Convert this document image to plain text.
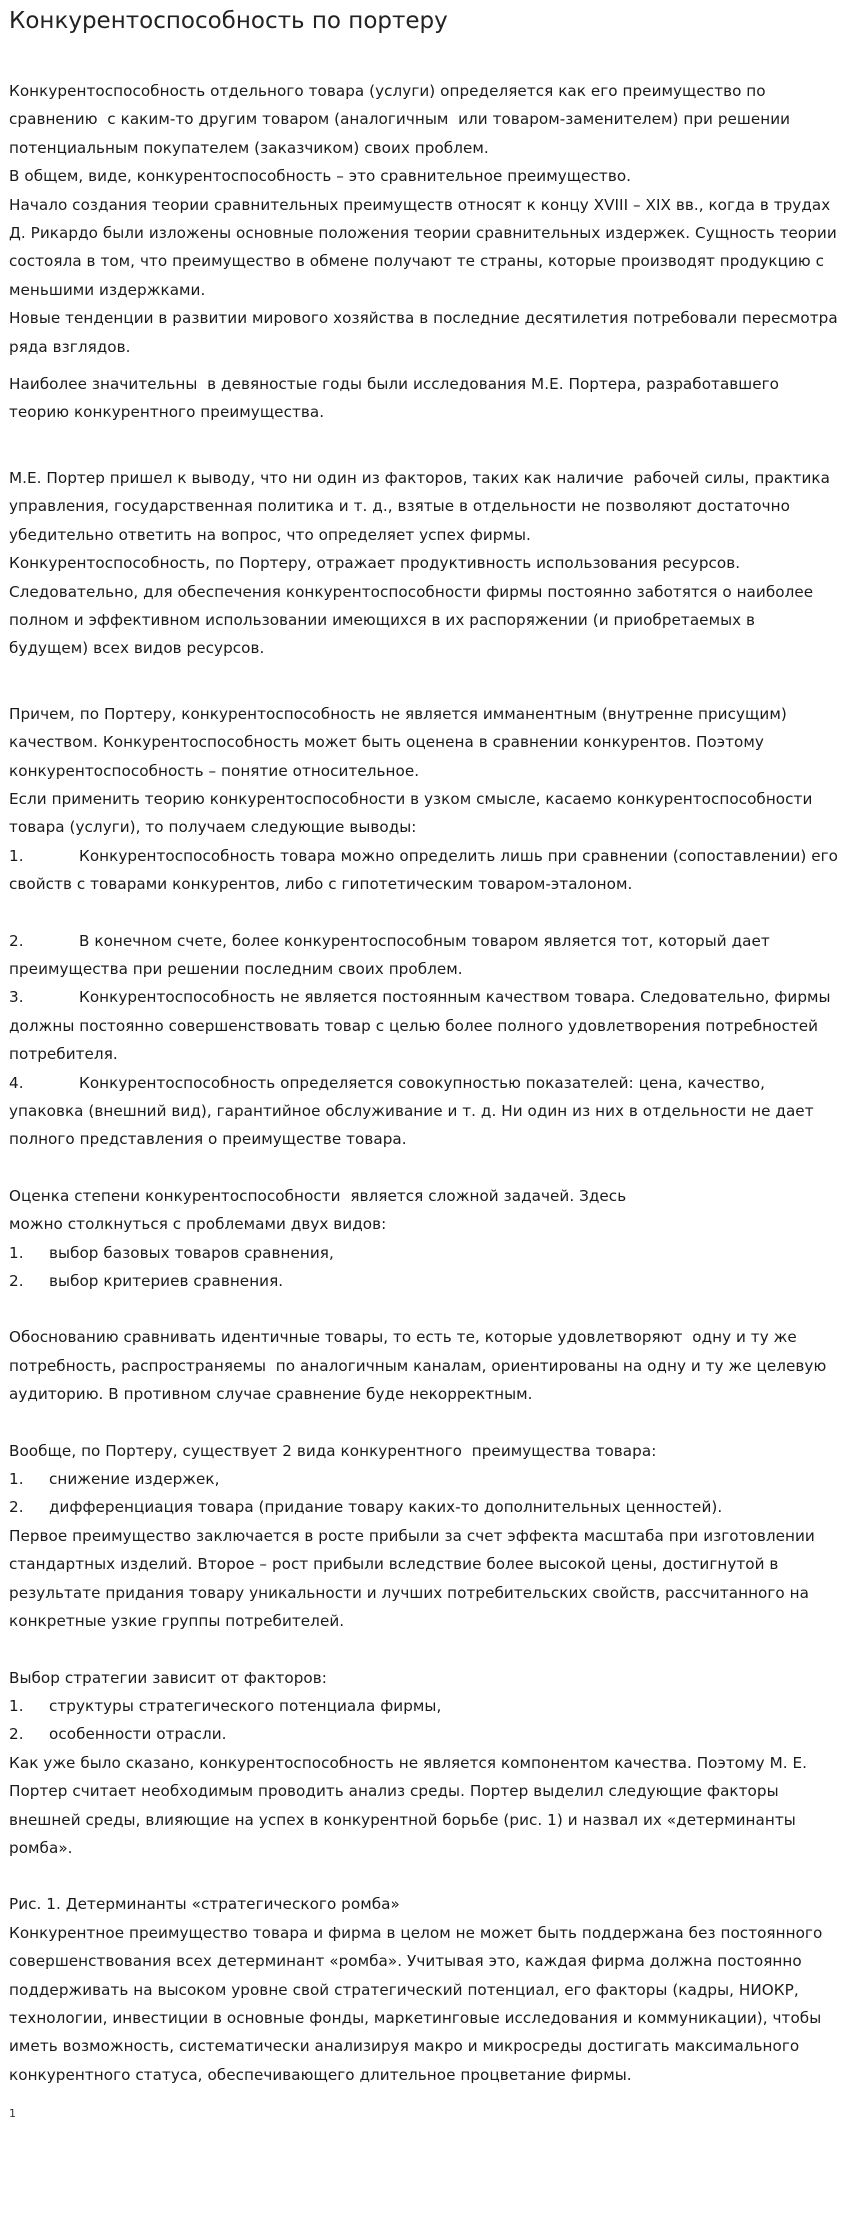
Конкурентоспособность по портеру

Конкурентоспособность отдельного товара (услуги) определяется как его преимущество по сравнению  с каким-то другим товаром (аналогичным  или товаром-заменителем) при решении потенциальным покупателем (заказчиком) своих проблем.

В общем, виде, конкурентоспособность – это сравнительное преимущество.

Начало создания теории сравнительных преимуществ относят к концу XVIII – XIX вв., когда в трудах Д. Рикардо были изложены основные положения теории сравнительных издержек. Сущность теории состояла в том, что преимущество в обмене получают те страны, которые производят продукцию с меньшими издержками.

Новые тенденции в развитии мирового хозяйства в последние десятилетия потребовали пересмотра ряда взглядов.

Наиболее значительны  в девяностые годы были исследования М.Е. Портера, разработавшего теорию конкурентного преимущества.

М.Е. Портер пришел к выводу, что ни один из факторов, таких как наличие  рабочей силы, практика управления, государственная политика и т. д., взятые в отдельности не позволяют достаточно убедительно ответить на вопрос, что определяет успех фирмы.

Конкурентоспособность, по Портеру, отражает продуктивность использования ресурсов. Следовательно, для обеспечения конкурентоспособности фирмы постоянно заботятся о наиболее полном и эффективном использовании имеющихся в их распоряжении (и приобретаемых в будущем) всех видов ресурсов.

Причем, по Портеру, конкурентоспособность не является имманентным (внутренне присущим) качеством. Конкурентоспособность может быть оценена в сравнении конкурентов. Поэтому конкурентоспособность – понятие относительное.

Если применить теорию конкурентоспособности в узком смысле, касаемо конкурентоспособности товара (услуги), то получаем следующие выводы:

1.	Конкурентоспособность товара можно определить лишь при сравнении (сопоставлении) его свойств с товарами конкурентов, либо с гипотетическим товаром-эталоном.
2.	В конечном счете, более конкурентоспособным товаром является тот, который дает преимущества при решении последним своих проблем.
3.	Конкурентоспособность не является постоянным качеством товара. Следовательно, фирмы должны постоянно совершенствовать товар с целью более полного удовлетворения потребностей потребителя.
4.	Конкурентоспособность определяется совокупностью показателей: цена, качество, упаковка (внешний вид), гарантийное обслуживание и т. д. Ни один из них в отдельности не дает полного представления о преимуществе товара.

Оценка степени конкурентоспособности  является сложной задачей. Здесь

можно столкнуться с проблемами двух видов:

1.	выбор базовых товаров сравнения,
2.	выбор критериев сравнения.

Обоснованию сравнивать идентичные товары, то есть те, которые удовлетворяют  одну и ту же потребность, распространяемы  по аналогичным каналам, ориентированы на одну и ту же целевую аудиторию. В противном случае сравнение буде некорректным.

Вообще, по Портеру, существует 2 вида конкурентного  преимущества товара:

1.	снижение издержек,
2.	дифференциация товара (придание товару каких-то дополнительных ценностей).

Первое преимущество заключается в росте прибыли за счет эффекта масштаба при изготовлении стандартных изделий. Второе – рост прибыли вследствие более высокой цены, достигнутой в результате придания товару уникальности и лучших потребительских свойств, рассчитанного на конкретные узкие группы потребителей.

Выбор стратегии зависит от факторов:

1.	структуры стратегического потенциала фирмы,
2.	особенности отрасли.

Как уже было сказано, конкурентоспособность не является компонентом качества. Поэтому М. Е. Портер считает необходимым проводить анализ среды. Портер выделил следующие факторы внешней среды, влияющие на успех в конкурентной борьбе (рис. 1) и назвал их «детерминанты ромба».

Рис. 1. Детерминанты «стратегического ромба»

Конкурентное преимущество товара и фирма в целом не может быть поддержана без постоянного совершенствования всех детерминант «ромба». Учитывая это, каждая фирма должна постоянно поддерживать на высоком уровне свой стратегический потенциал, его факторы (кадры, НИОКР, технологии, инвестиции в основные фонды, маркетинговые исследования и коммуникации), чтобы иметь возможность, систематически анализируя макро и микросреды достигать максимального конкурентного статуса, обеспечивающего длительное процветание фирмы.

1
